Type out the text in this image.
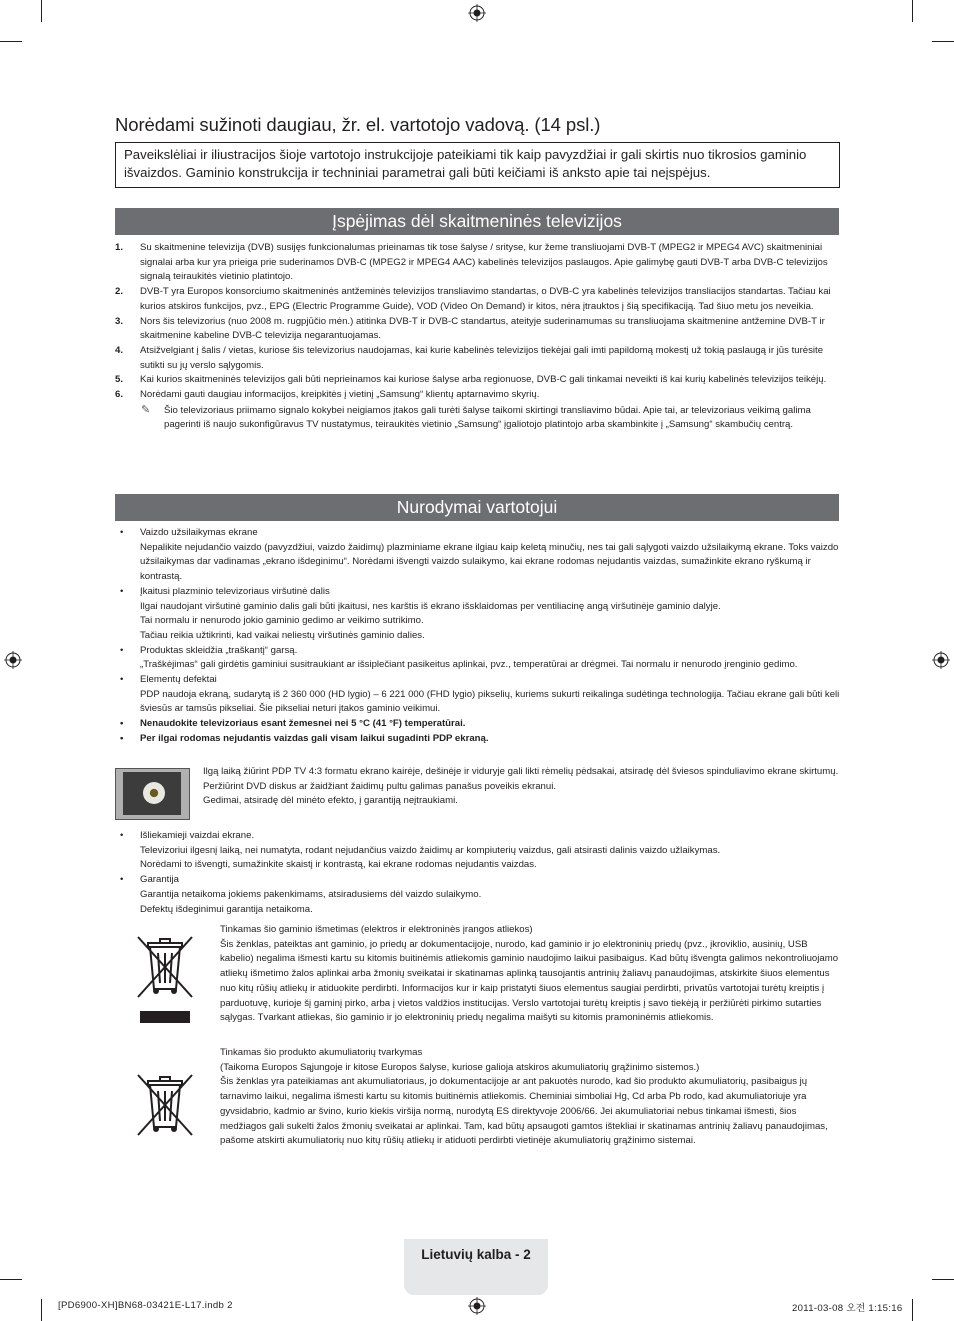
Norėdami sužinoti daugiau, žr. el. vartotojo vadovą. (14 psl.)
Paveikslėliai ir iliustracijos šioje vartotojo instrukcijoje pateikiami tik kaip pavyzdžiai ir gali skirtis nuo tikrosios gaminio išvaizdos. Gaminio konstrukcija ir techniniai parametrai gali būti keičiami iš anksto apie tai neįspėjus.
Įspėjimas dėl skaitmeninės televizijos
1. Su skaitmenine televizija (DVB) susijęs funkcionalumas prieinamas tik tose šalyse / srityse, kur žeme transliuojami DVB-T (MPEG2 ir MPEG4 AVC) skaitmeniniai signalai arba kur yra prieiga prie suderinamos DVB-C (MPEG2 ir MPEG4 AAC) kabelinės televizijos paslaugos. Apie galimybę gauti DVB-T arba DVB-C televizijos signalą teiraukitės vietinio platintojo.
2. DVB-T yra Europos konsorciumo skaitmeninės antžeminės televizijos transliavimo standartas, o DVB-C yra kabelinės televizijos transliacijos standartas. Tačiau kai kurios atskiros funkcijos, pvz., EPG (Electric Programme Guide), VOD (Video On Demand) ir kitos, nėra įtrauktos į šią specifikaciją. Tad šiuo metu jos neveikia.
3. Nors šis televizorius (nuo 2008 m. rugpjūčio mėn.) atitinka DVB-T ir DVB-C standartus, ateityje suderinamumas su transliuojama skaitmenine antžemine DVB-T ir skaitmenine kabeline DVB-C televizija negarantuojamas.
4. Atsižvelgiant į šalis / vietas, kuriose šis televizorius naudojamas, kai kurie kabelinės televizijos tiekėjai gali imti papildomą mokestį už tokią paslaugą ir jūs turėsite sutikti su jų verslo sąlygomis.
5. Kai kurios skaitmeninės televizijos gali būti neprieinamos kai kuriose šalyse arba regionuose, DVB-C gali tinkamai neveikti iš kai kurių kabelinės televizijos teikėjų.
6. Norėdami gauti daugiau informacijos, kreipkitės į vietinį „Samsung“ klientų aptarnavimo skyrių.
✎ Šio televizoriaus priimamo signalo kokybei neigiamos įtakos gali turėti šalyse taikomi skirtingi transliavimo būdai. Apie tai, ar televizoriaus veikimą galima pagerinti iš naujo sukonfigūravus TV nustatymus, teiraukitės vietinio „Samsung“ įgaliotojo platintojo arba skambinkite į „Samsung“ skambučių centrą.
Nurodymai vartotojui
• Vaizdo užsilaikymas ekrane
Nepalikite nejudančio vaizdo (pavyzdžiui, vaizdo žaidimų) plazminiame ekrane ilgiau kaip keletą minučių, nes tai gali sąlygoti vaizdo užsilaikymą ekrane. Toks vaizdo užsilaikymas dar vadinamas „ekrano išdeginimu“. Norėdami išvengti vaizdo sulaikymo, kai ekrane rodomas nejudantis vaizdas, sumažinkite ekrano ryškumą ir kontrastą.
• Įkaitusi plazminio televizoriaus viršutinė dalis
Ilgai naudojant viršutinė gaminio dalis gali būti įkaitusi, nes karštis iš ekrano išsklaidomas per ventiliacinę angą viršutinėje gaminio dalyje.
Tai normalu ir nenurodo jokio gaminio gedimo ar veikimo sutrikimo.
Tačiau reikia užtikrinti, kad vaikai neliestų viršutinės gaminio dalies.
• Produktas skleidžia „traškantį“ garsą.
„Traškėjimas“ gali girdėtis gaminiui susitraukiant ar išsiplečiant pasikeitus aplinkai, pvz., temperatūrai ar drėgmei. Tai normalu ir nenurodo įrenginio gedimo.
• Elementų defektai
PDP naudoja ekraną, sudarytą iš 2 360 000 (HD lygio) – 6 221 000 (FHD lygio) pikselių, kuriems sukurti reikalinga sudėtinga technologija. Tačiau ekrane gali būti keli šviesūs ar tamsūs pikseliai. Šie pikseliai neturi įtakos gaminio veikimui.
• Nenaudokite televizoriaus esant žemesnei nei 5 °C (41 °F) temperatūrai.
• Per ilgai rodomas nejudantis vaizdas gali visam laikui sugadinti PDP ekraną.
Ilgą laiką žiūrint PDP TV 4:3 formatu ekrano kairėje, dešinėje ir viduryje gali likti rėmelių pėdsakai, atsiradę dėl šviesos spinduliavimo ekrane skirtumų. Peržiūrint DVD diskus ar žaidžiant žaidimų pultu galimas panašus poveikis ekranui.
Gedimai, atsiradę dėl minėto efekto, į garantiją neįtraukiami.
• Išliekamieji vaizdai ekrane.
Televizoriui ilgesnį laiką, nei numatyta, rodant nejudančius vaizdo žaidimų ar kompiuterių vaizdus, gali atsirasti dalinis vaizdo užlaikymas.
Norėdami to išvengti, sumažinkite skaistį ir kontrastą, kai ekrane rodomas nejudantis vaizdas.
• Garantija
Garantija netaikoma jokiems pakenkimams, atsiradusiems dėl vaizdo sulaikymo.
Defektų išdeginimui garantija netaikoma.
Tinkamas šio gaminio išmetimas (elektros ir elektroninės įrangos atliekos)
Šis ženklas, pateiktas ant gaminio, jo priedų ar dokumentacijoje, nurodo, kad gaminio ir jo elektroninių priedų (pvz., įkroviklio, ausinių, USB kabelio) negalima išmesti kartu su kitomis buitinėmis atliekomis gaminio naudojimo laikui pasibaigus. Kad būtų išvengta galimos nekontroliuojamo atliekų išmetimo žalos aplinkai arba žmonių sveikatai ir skatinamas aplinką tausojantis antrinių žaliavų panaudojimas, atskirkite šiuos elementus nuo kitų rūšių atliekų ir atiduokite perdirbti. Informacijos kur ir kaip pristatyti šiuos elementus saugiai perdirbti, privatūs vartotojai turėtų kreiptis į parduotuvę, kurioje šį gaminį pirko, arba į vietos valdžios institucijas. Verslo vartotojai turėtų kreiptis į savo tiekėją ir peržiūrėti pirkimo sutarties sąlygas. Tvarkant atliekas, šio gaminio ir jo elektroninių priedų negalima maišyti su kitomis pramoninėmis atliekomis.
Tinkamas šio produkto akumuliatorių tvarkymas
(Taikoma Europos Sąjungoje ir kitose Europos šalyse, kuriose galioja atskiros akumuliatorių grąžinimo sistemos.)
Šis ženklas yra pateikiamas ant akumuliatoriaus, jo dokumentacijoje ar ant pakuotės nurodo, kad šio produkto akumuliatorių, pasibaigus jų tarnavimo laikui, negalima išmesti kartu su kitomis buitinėmis atliekomis. Cheminiai simboliai Hg, Cd arba Pb rodo, kad akumuliatoriuje yra gyvsidabrio, kadmio ar švino, kurio kiekis viršija normą, nurodytą ES direktyvoje 2006/66. Jei akumuliatoriai nebus tinkamai išmesti, šios medžiagos gali sukelti žalos žmonių sveikatai ar aplinkai. Tam, kad būtų apsaugoti gamtos ištekliai ir skatinamas antrinių žaliavų panaudojimas, pašome atskirti akumuliatorių nuo kitų rūšių atliekų ir atiduoti perdirbti vietinėje akumuliatorių grąžinimo sistemai.
Lietuvių kalba - 2
[PD6900-XH]BN68-03421E-L17.indb 2	2011-03-08 오전 1:15:16
